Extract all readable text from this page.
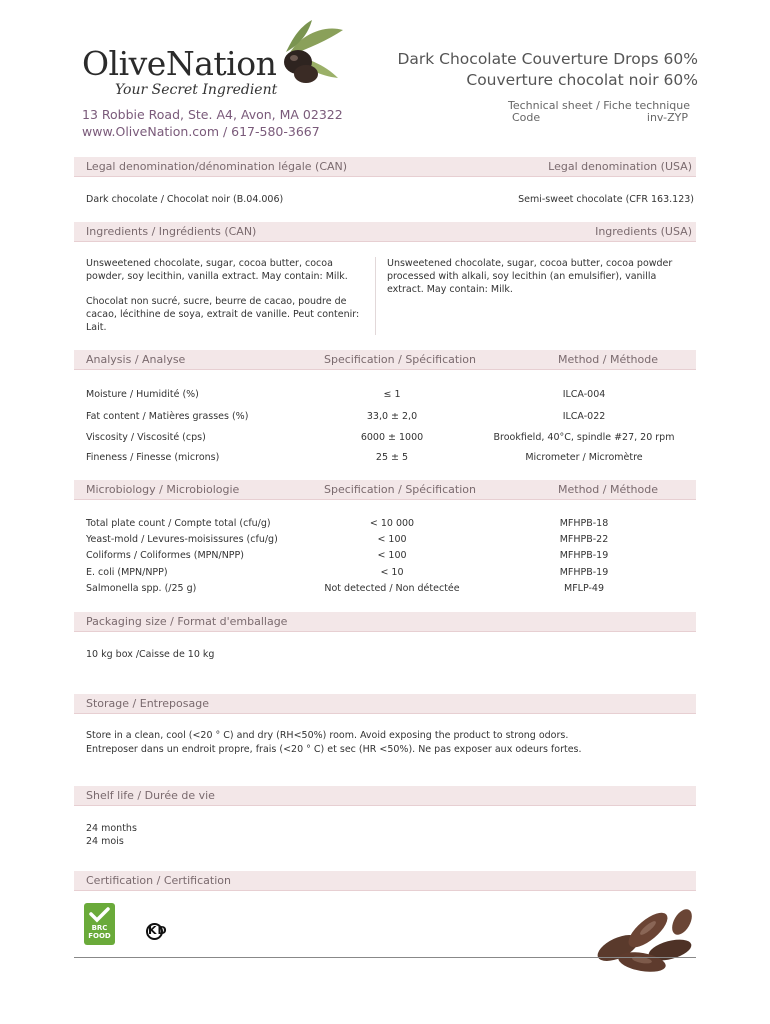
OliveNation
Your Secret Ingredient
13 Robbie Road, Ste. A4, Avon, MA 02322
www.OliveNation.com / 617-580-3667
Dark Chocolate Couverture Drops 60%
Couverture chocolat noir 60%
Technical sheet / Fiche technique
Code	inv-ZYP
Legal denomination/dénomination légale (CAN)	Legal denomination (USA)
Dark chocolate / Chocolat noir (B.04.006)	Semi-sweet chocolate (CFR 163.123)
Ingredients / Ingrédients (CAN)	Ingredients (USA)
Unsweetened chocolate, sugar, cocoa butter, cocoa powder, soy lecithin, vanilla extract. May contain: Milk.
Chocolat non sucré, sucre, beurre de cacao, poudre de cacao, lécithine de soya, extrait de vanille. Peut contenir: Lait.
Unsweetened chocolate, sugar, cocoa butter, cocoa powder processed with alkali, soy lecithin (an emulsifier), vanilla extract. May contain: Milk.
Analysis / Analyse	Specification / Spécification	Method / Méthode
Moisture / Humidité (%)	≤ 1	ILCA-004
Fat content / Matières grasses (%)	33,0 ± 2,0	ILCA-022
Viscosity / Viscosité (cps)	6000 ± 1000	Brookfield, 40°C, spindle #27, 20 rpm
Fineness / Finesse (microns)	25 ± 5	Micrometer / Micromètre
Microbiology / Microbiologie	Specification / Spécification	Method / Méthode
Total plate count / Compte total (cfu/g)	< 10 000	MFHPB-18
Yeast-mold / Levures-moisissures (cfu/g)	< 100	MFHPB-22
Coliforms / Coliformes (MPN/NPP)	< 100	MFHPB-19
E. coli (MPN/NPP)	< 10	MFHPB-19
Salmonella spp. (/25 g)	Not detected / Non détectée	MFLP-49
Packaging size / Format d'emballage
10 kg box /Caisse de 10 kg
Storage / Entreposage
Store in a clean, cool (<20 ° C) and dry (RH<50%) room. Avoid exposing the product to strong odors.
Entreposer dans un endroit propre, frais (<20 ° C) et sec (HR <50%). Ne pas exposer aux odeurs fortes.
Shelf life / Durée de vie
24 months
24 mois
Certification / Certification
BRC
FOOD	KD
